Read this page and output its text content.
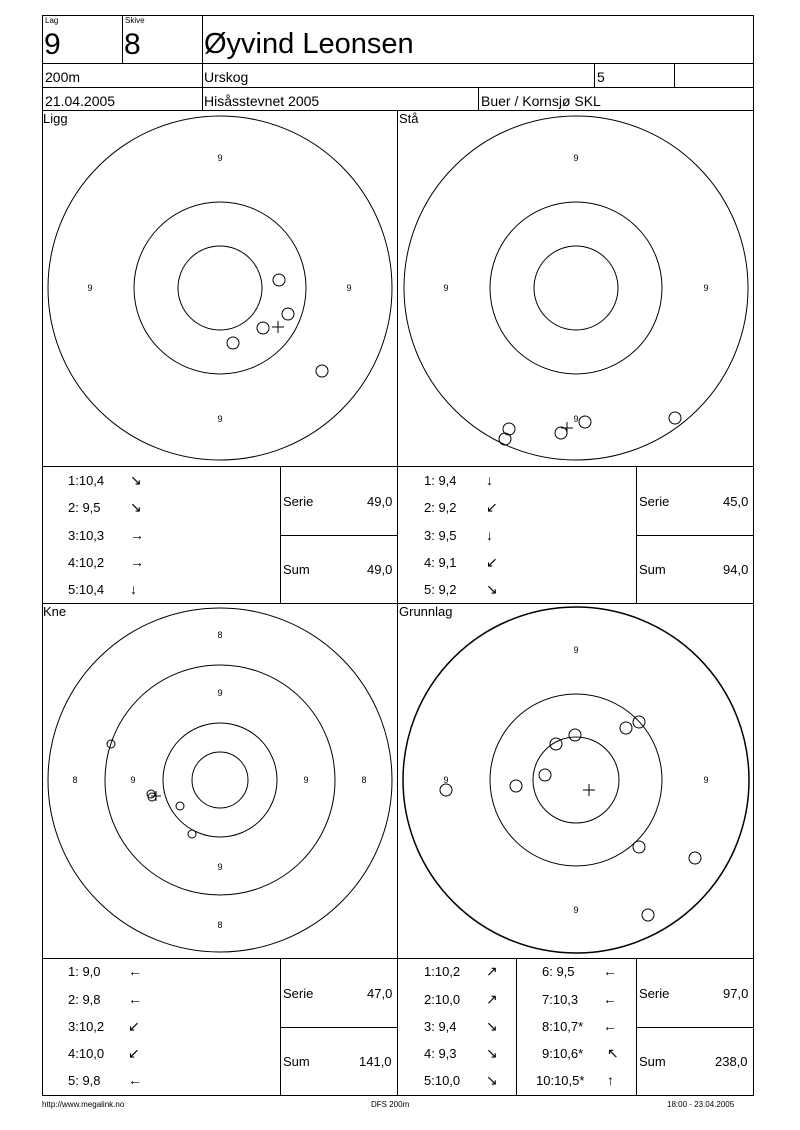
Lag
9
Skive
8 Øyvind Leonsen
200m	Urskog	5
21.04.2005	Hisåsstevnet 2005	Buer / Kornsjø SKL
Ligg	Stå
Kne	Grunnlag
9
9	9
9
9
9	9
9
8
8	8
8
9
9	9
9
9
9	9
9
1:10,4 ↘
2: 9,5 ↘
3:10,3 →
4:10,2 →
5:10,4 ↓
1: 9,4 ↓
2: 9,2 ↙
3: 9,5 ↓
4: 9,1 ↙
5: 9,2 ↘
1: 9,0 ←
2: 9,8 ←
3:10,2 ↙
4:10,0 ↙
5: 9,8 ←
1:10,2 ↗
2:10,0 ↗
3: 9,4 ↘
4: 9,3 ↘
5:10,0 ↘
6: 9,5 ←
7:10,3 ←
8:10,7* ←
9:10,6* ↖
10:10,5* ↑
Serie	49,0
Sum	49,0
Serie	45,0
Sum	94,0
Serie	47,0
Sum	141,0
Serie	97,0
Sum	238,0
http://www.megalink.no	DFS 200m	18:00 - 23.04.2005
